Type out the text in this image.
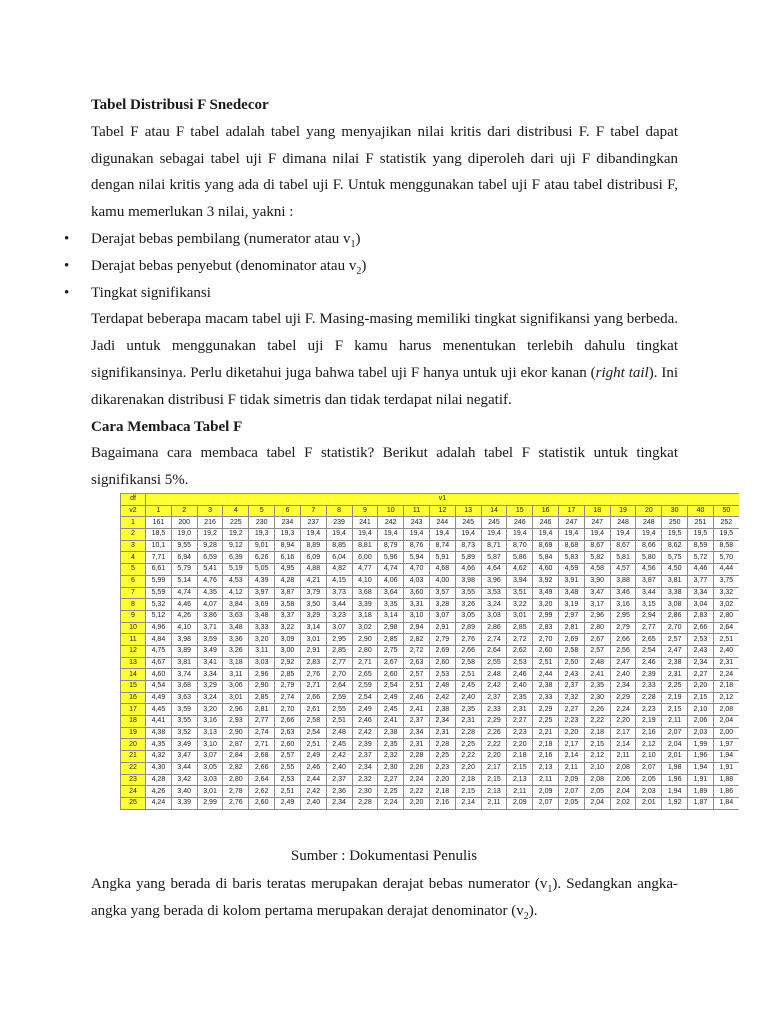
Tabel Distribusi F Snedecor

Tabel F atau F tabel adalah tabel yang menyajikan nilai kritis dari distribusi F. F tabel dapat digunakan sebagai tabel uji F dimana nilai F statistik yang diperoleh dari uji F dibandingkan dengan nilai kritis yang ada di tabel uji F. Untuk menggunakan tabel uji F atau tabel distribusi F, kamu memerlukan 3 nilai, yakni :

• Derajat bebas pembilang (numerator atau $v_1$)
• Derajat bebas penyebut (denominator atau $v_2$)
• Tingkat signifikansi

Terdapat beberapa macam tabel uji F. Masing-masing memiliki tingkat signifikansi yang berbeda. Jadi untuk menggunakan tabel uji F kamu harus menentukan terlebih dahulu tingkat signifikansinya. Perlu diketahui juga bahwa tabel uji F hanya untuk uji ekor kanan (right tail). Ini dikarenakan distribusi F tidak simetris dan tidak terdapat nilai negatif.

Cara Membaca Tabel F

Bagaimana cara membaca tabel F statistik? Berikut adalah tabel F statistik untuk tingkat signifikansi 5%.

df	v1																						
v2	1	2	3	4	5	6	7	8	9	10	11	12	13	14	15	16	17	18	19	20	30	40	50
1	161	200	216	225	230	234	237	239	241	242	243	244	245	245	246	246	247	247	248	248	250	251	252
2	18,5	19,0	19,2	19,2	19,3	19,3	19,4	19,4	19,4	19,4	19,4	19,4	19,4	19,4	19,4	19,4	19,4	19,4	19,4	19,4	19,5	19,5	19,5
3	10,1	9,55	9,28	9,12	9,01	8,94	8,89	8,85	8,81	8,79	8,76	8,74	8,73	8,71	8,70	8,69	8,68	8,67	8,67	8,66	8,62	8,59	8,58
4	7,71	6,94	6,59	6,39	6,26	6,16	6,09	6,04	6,00	5,96	5,94	5,91	5,89	5,87	5,86	5,84	5,83	5,82	5,81	5,80	5,75	5,72	5,70
5	6,61	5,79	5,41	5,19	5,05	4,95	4,88	4,82	4,77	4,74	4,70	4,68	4,66	4,64	4,62	4,60	4,59	4,58	4,57	4,56	4,50	4,46	4,44
6	5,99	5,14	4,76	4,53	4,39	4,28	4,21	4,15	4,10	4,06	4,03	4,00	3,98	3,96	3,94	3,92	3,91	3,90	3,88	3,87	3,81	3,77	3,75
7	5,59	4,74	4,35	4,12	3,97	3,87	3,79	3,73	3,68	3,64	3,60	3,57	3,55	3,53	3,51	3,49	3,48	3,47	3,46	3,44	3,38	3,34	3,32
8	5,32	4,46	4,07	3,84	3,69	3,58	3,50	3,44	3,39	3,35	3,31	3,28	3,26	3,24	3,22	3,20	3,19	3,17	3,16	3,15	3,08	3,04	3,02
9	5,12	4,26	3,86	3,63	3,48	3,37	3,29	3,23	3,18	3,14	3,10	3,07	3,05	3,03	3,01	2,99	2,97	2,96	2,95	2,94	2,86	2,83	2,80
10	4,96	4,10	3,71	3,48	3,33	3,22	3,14	3,07	3,02	2,98	2,94	2,91	2,89	2,86	2,85	2,83	2,81	2,80	2,79	2,77	2,70	2,66	2,64
11	4,84	3,98	3,59	3,36	3,20	3,09	3,01	2,95	2,90	2,85	2,82	2,79	2,76	2,74	2,72	2,70	2,69	2,67	2,66	2,65	2,57	2,53	2,51
12	4,75	3,89	3,49	3,26	3,11	3,00	2,91	2,85	2,80	2,75	2,72	2,69	2,66	2,64	2,62	2,60	2,58	2,57	2,56	2,54	2,47	2,43	2,40
13	4,67	3,81	3,41	3,18	3,03	2,92	2,83	2,77	2,71	2,67	2,63	2,60	2,58	2,55	2,53	2,51	2,50	2,48	2,47	2,46	2,38	2,34	2,31
14	4,60	3,74	3,34	3,11	2,96	2,85	2,76	2,70	2,65	2,60	2,57	2,53	2,51	2,48	2,46	2,44	2,43	2,41	2,40	2,39	2,31	2,27	2,24
15	4,54	3,68	3,29	3,06	2,90	2,79	2,71	2,64	2,59	2,54	2,51	2,48	2,45	2,42	2,40	2,38	2,37	2,35	2,34	2,33	2,25	2,20	2,18
16	4,49	3,63	3,24	3,01	2,85	2,74	2,66	2,59	2,54	2,49	2,46	2,42	2,40	2,37	2,35	2,33	2,32	2,30	2,29	2,28	2,19	2,15	2,12
17	4,45	3,59	3,20	2,96	2,81	2,70	2,61	2,55	2,49	2,45	2,41	2,38	2,35	2,33	2,31	2,29	2,27	2,26	2,24	2,23	2,15	2,10	2,08
18	4,41	3,55	3,16	2,93	2,77	2,66	2,58	2,51	2,46	2,41	2,37	2,34	2,31	2,29	2,27	2,25	2,23	2,22	2,20	2,19	2,11	2,06	2,04
19	4,38	3,52	3,13	2,90	2,74	2,63	2,54	2,48	2,42	2,38	2,34	2,31	2,28	2,26	2,23	2,21	2,20	2,18	2,17	2,16	2,07	2,03	2,00
20	4,35	3,49	3,10	2,87	2,71	2,60	2,51	2,45	2,39	2,35	2,31	2,28	2,25	2,22	2,20	2,18	2,17	2,15	2,14	2,12	2,04	1,99	1,97
21	4,32	3,47	3,07	2,84	2,68	2,57	2,49	2,42	2,37	2,32	2,28	2,25	2,22	2,20	2,18	2,16	2,14	2,12	2,11	2,10	2,01	1,96	1,94
22	4,30	3,44	3,05	2,82	2,66	2,55	2,46	2,40	2,34	2,30	2,26	2,23	2,20	2,17	2,15	2,13	2,11	2,10	2,08	2,07	1,98	1,94	1,91
23	4,28	3,42	3,03	2,80	2,64	2,53	2,44	2,37	2,32	2,27	2,24	2,20	2,18	2,15	2,13	2,11	2,09	2,08	2,06	2,05	1,96	1,91	1,88
24	4,26	3,40	3,01	2,78	2,62	2,51	2,42	2,36	2,30	2,25	2,22	2,18	2,15	2,13	2,11	2,09	2,07	2,05	2,04	2,03	1,94	1,89	1,86
25	4,24	3,39	2,99	2,76	2,60	2,49	2,40	2,34	2,28	2,24	2,20	2,16	2,14	2,11	2,09	2,07	2,05	2,04	2,02	2,01	1,92	1,87	1,84
Sumber : Dokumentasi Penulis

Angka yang berada di baris teratas merupakan derajat bebas numerator $(v_1)$. Sedangkan angka-angka yang berada di kolom pertama merupakan derajat denominator $(v_2)$.
